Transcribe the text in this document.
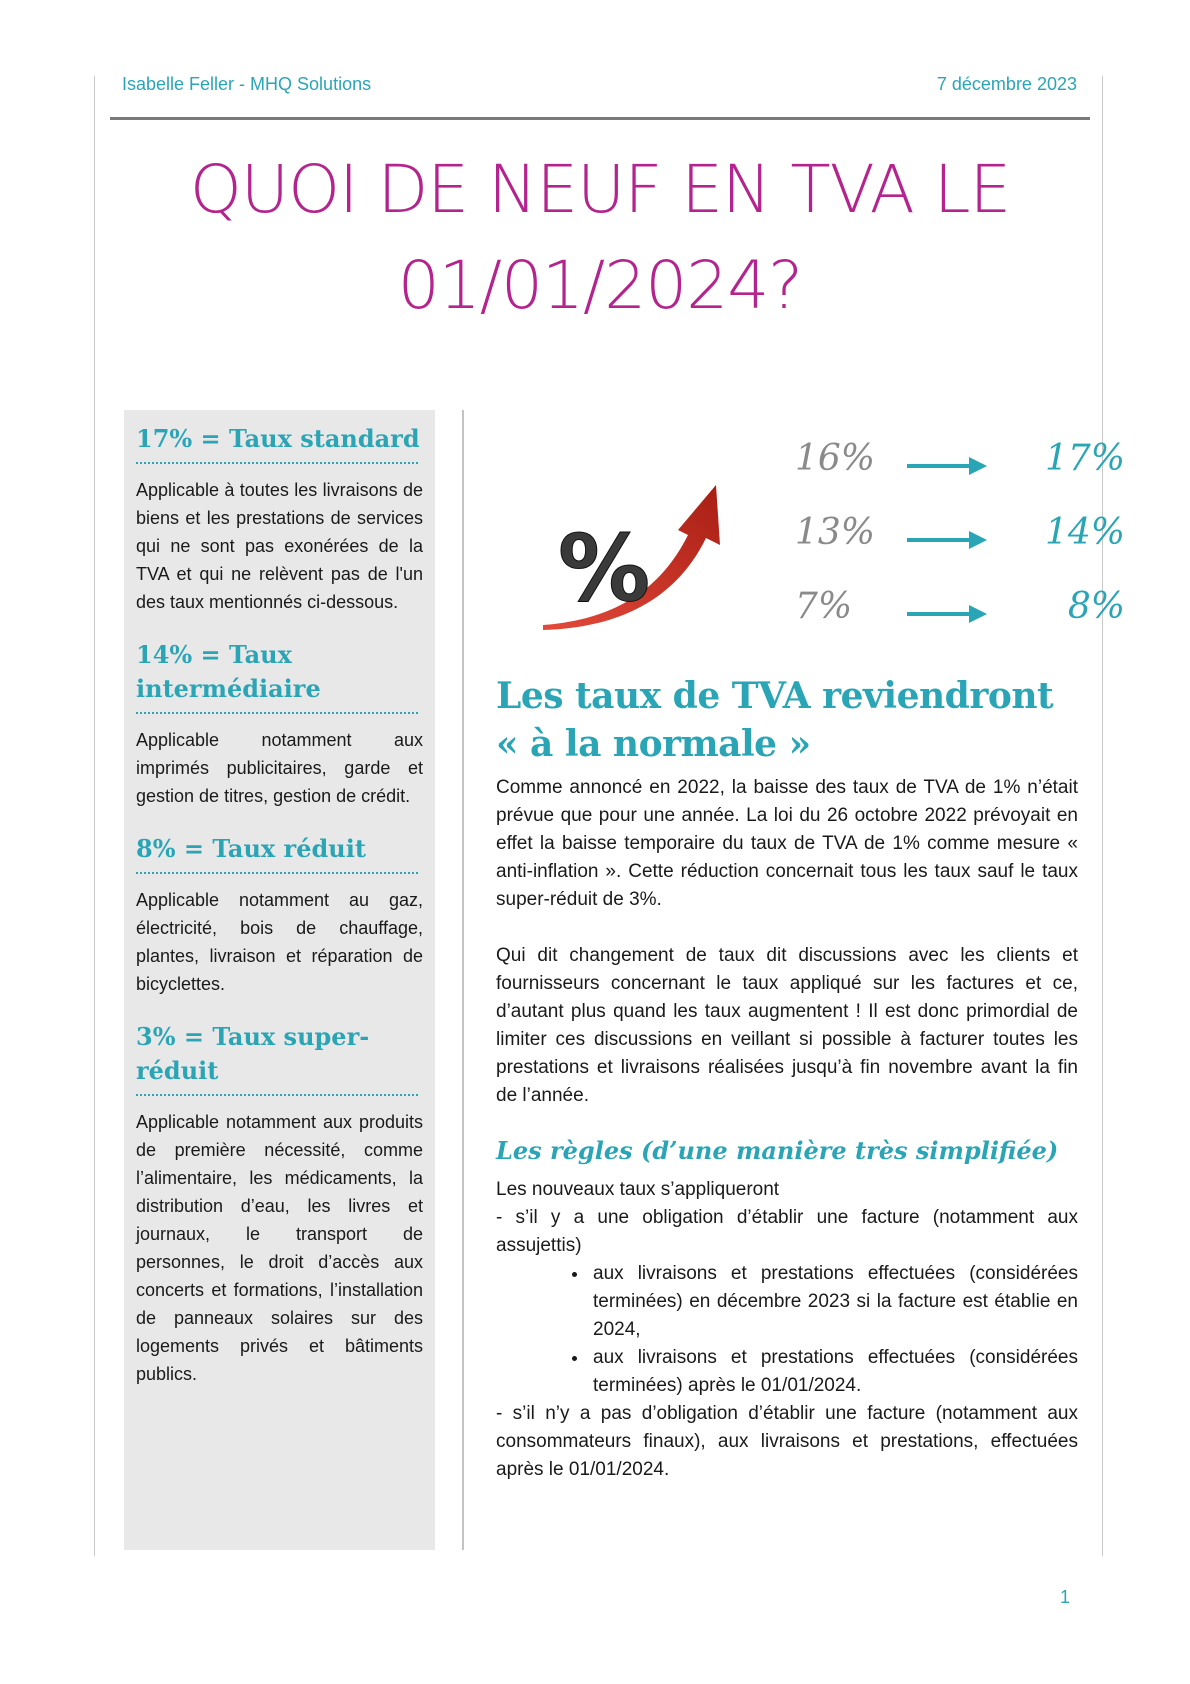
Isabelle Feller - MHQ Solutions	7 décembre 2023
QUOI DE NEUF EN TVA LE
01/01/2024?
17% = Taux standard

Applicable à toutes les livraisons de biens et les prestations de services qui ne sont pas exonérées de la TVA et qui ne relèvent pas de l'un des taux mentionnés ci-dessous.

14% = Taux intermédiaire

Applicable notamment aux imprimés publicitaires, garde et gestion de titres, gestion de crédit.

8% = Taux réduit

Applicable notamment au gaz, électricité, bois de chauffage, plantes, livraison et réparation de bicyclettes.

3% = Taux super-réduit

Applicable notamment aux produits de première nécessité, comme l’alimentaire, les médicaments, la distribution d’eau, les livres et journaux, le transport de personnes, le droit d’accès aux concerts et formations, l’installation de panneaux solaires sur des logements privés et bâtiments publics.

%
16%	17%
13%	14%
7%	8%
Les taux de TVA reviendront
« à la normale »

Comme annoncé en 2022, la baisse des taux de TVA de 1% n’était prévue que pour une année. La loi du 26 octobre 2022 prévoyait en effet la baisse temporaire du taux de TVA de 1% comme mesure « anti-inflation ». Cette réduction concernait tous les taux sauf le taux super-réduit de 3%.

Qui dit changement de taux dit discussions avec les clients et fournisseurs concernant le taux appliqué sur les factures et ce, d’autant plus quand les taux augmentent ! Il est donc primordial de limiter ces discussions en veillant si possible à facturer toutes les prestations et livraisons réalisées jusqu’à fin novembre avant la fin de l’année.

Les règles (d’une manière très simplifiée)

Les nouveaux taux s’appliqueront

- s’il y a une obligation d’établir une facture (notamment aux assujettis)

• aux livraisons et prestations effectuées (considérées terminées) en décembre 2023 si la facture est établie en 2024,
• aux livraisons et prestations effectuées (considérées terminées) après le 01/01/2024.

- s’il n’y a pas d’obligation d’établir une facture (notamment aux consommateurs finaux), aux livraisons et prestations, effectuées après le 01/01/2024.

1
